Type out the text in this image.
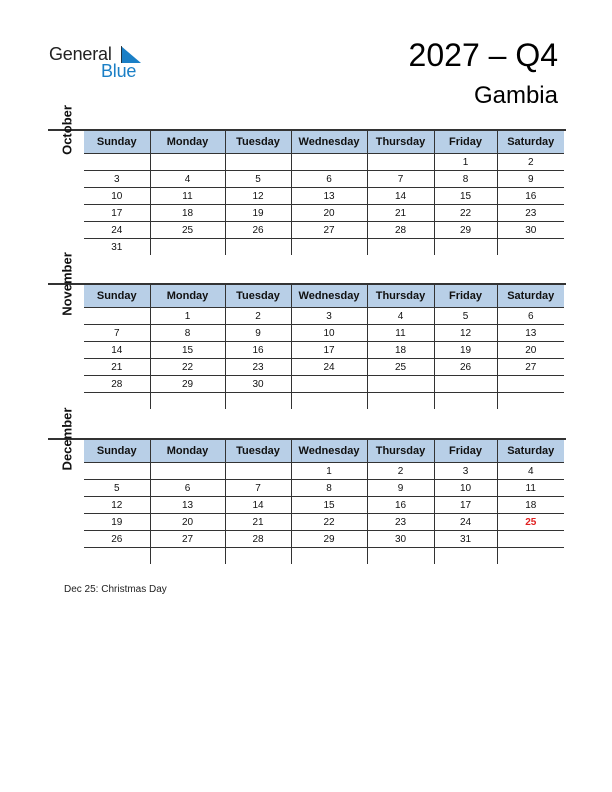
General
Blue	2027 – Q4
Gambia
October Sunday	Monday	Tuesday	Wednesday	Thursday	Friday	Saturday
					1	2
3	4	5	6	7	8	9
10	11	12	13	14	15	16
17	18	19	20	21	22	23
24	25	26	27	28	29	30
31						
November Sunday	Monday	Tuesday	Wednesday	Thursday	Friday	Saturday
	1	2	3	4	5	6
7	8	9	10	11	12	13
14	15	16	17	18	19	20
21	22	23	24	25	26	27
28	29	30				

December Sunday	Monday	Tuesday	Wednesday	Thursday	Friday	Saturday
			1	2	3	4
5	6	7	8	9	10	11
12	13	14	15	16	17	18
19	20	21	22	23	24	25
26	27	28	29	30	31	

Dec 25: Christmas Day
